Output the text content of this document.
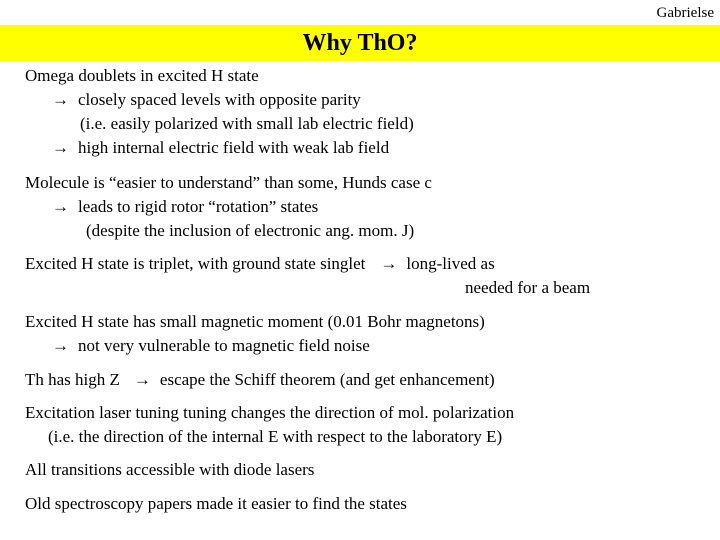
Gabrielse
Why ThO?
Omega doublets in excited H state
→ closely spaced levels with opposite parity
(i.e. easily polarized with small lab electric field)
→ high internal electric field with weak lab field
Molecule is “easier to understand” than some, Hunds case c
→ leads to rigid rotor “rotation” states
(despite the inclusion of electronic ang. mom. J)
Excited H state is triplet, with ground state singlet → long-lived as
needed for a beam
Excited H state has small magnetic moment (0.01 Bohr magnetons)
→ not very vulnerable to magnetic field noise
Th has high Z → escape the Schiff theorem (and get enhancement)
Excitation laser tuning tuning changes the direction of mol. polarization
(i.e. the direction of the internal E with respect to the laboratory E)
All transitions accessible with diode lasers
Old spectroscopy papers made it easier to find the states
